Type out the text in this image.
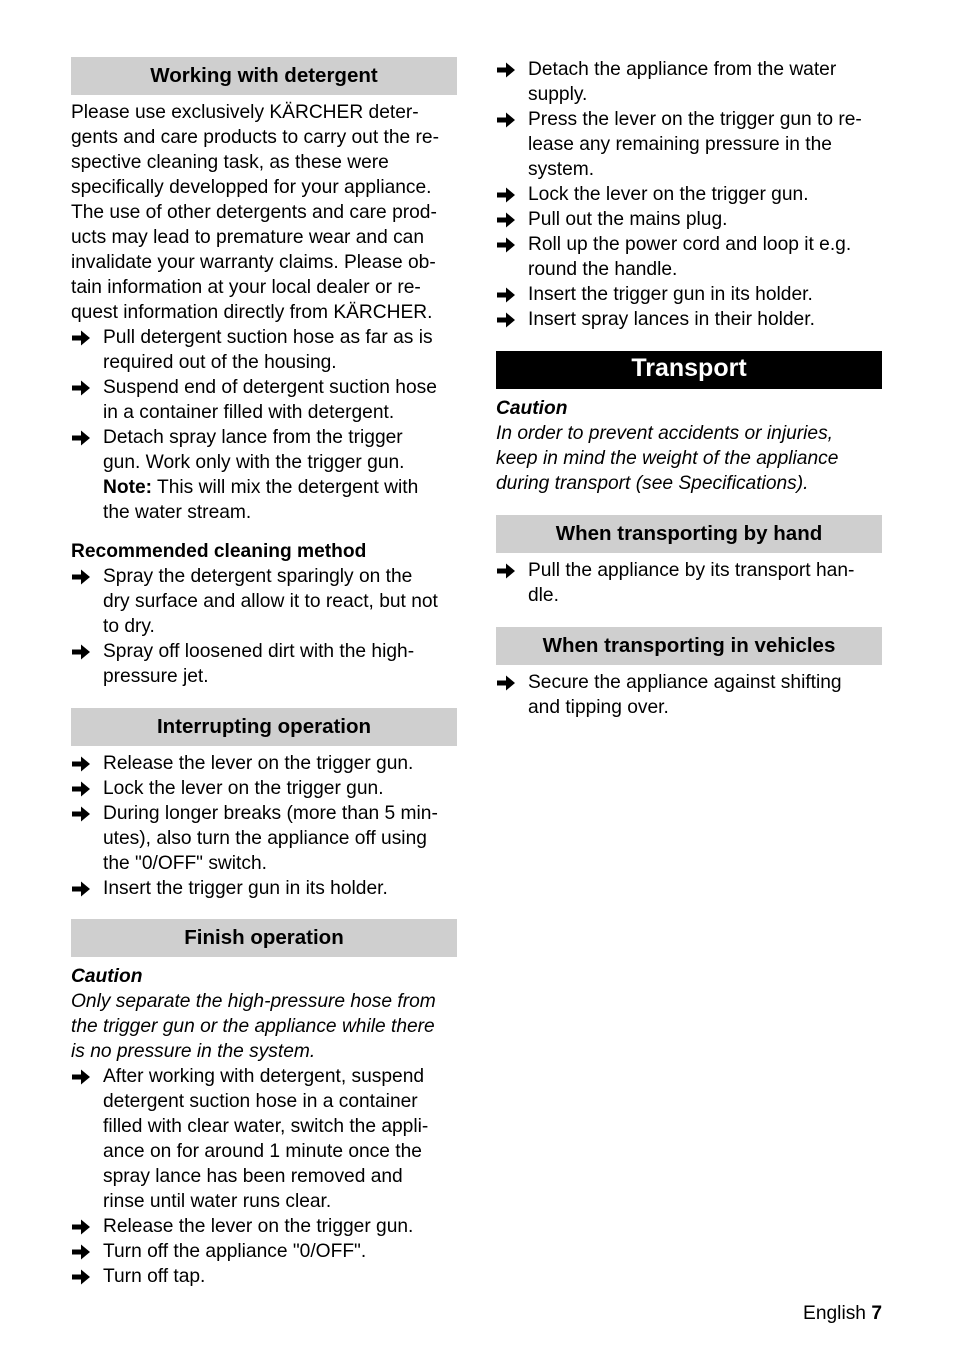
Working with detergent

Please use exclusively KÄRCHER deter-
gents and care products to carry out the re-
spective cleaning task, as these were
specifically developped for your appliance.
The use of other detergents and care prod-
ucts may lead to premature wear and can
invalidate your warranty claims. Please ob-
tain information at your local dealer or re-
quest information directly from KÄRCHER.

Pull detergent suction hose as far as is
required out of the housing.
Suspend end of detergent suction hose
in a container filled with detergent.
Detach spray lance from the trigger
gun. Work only with the trigger gun.
Note: This will mix the detergent with
the water stream.

Recommended cleaning method

Spray the detergent sparingly on the
dry surface and allow it to react, but not
to dry.
Spray off loosened dirt with the high-
pressure jet.
Interrupting operation
Release the lever on the trigger gun.
Lock the lever on the trigger gun.
During longer breaks (more than 5 min-
utes), also turn the appliance off using
the "0/OFF" switch.
Insert the trigger gun in its holder.
Finish operation

Caution

Only separate the high-pressure hose from
the trigger gun or the appliance while there
is no pressure in the system.

After working with detergent, suspend
detergent suction hose in a container
filled with clear water, switch the appli-
ance on for around 1 minute once the
spray lance has been removed and
rinse until water runs clear.
Release the lever on the trigger gun.
Turn off the appliance "0/OFF".
Turn off tap.
Detach the appliance from the water
supply.
Press the lever on the trigger gun to re-
lease any remaining pressure in the
system.
Lock the lever on the trigger gun.
Pull out the mains plug.
Roll up the power cord and loop it e.g.
round the handle.
Insert the trigger gun in its holder.
Insert spray lances in their holder.
Transport

Caution

In order to prevent accidents or injuries,
keep in mind the weight of the appliance
during transport (see Specifications).

When transporting by hand
Pull the appliance by its transport han-
dle.
When transporting in vehicles
Secure the appliance against shifting
and tipping over.
English 7
